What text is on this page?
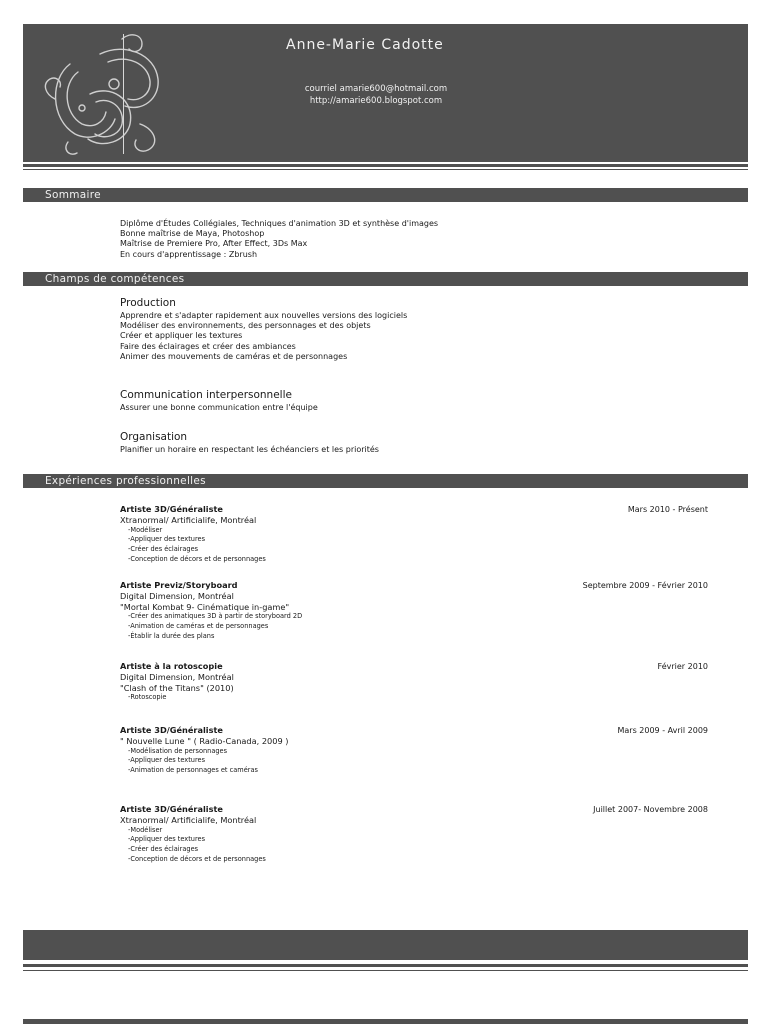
Anne-Marie Cadotte
courriel amarie600@hotmail.com
http://amarie600.blogspot.com
Sommaire
Diplôme d'Études Collégiales, Techniques d'animation 3D et synthèse d'images
Bonne maîtrise de Maya, Photoshop
Maîtrise de Premiere Pro, After Effect, 3Ds Max
En cours d'apprentissage : Zbrush
Champs de compétences
Production
Apprendre et s'adapter rapidement aux nouvelles versions des logiciels
Modéliser des environnements, des personnages et des objets
Créer et appliquer les textures
Faire des éclairages et créer des ambiances
Animer des mouvements de caméras et de personnages
Communication interpersonnelle
Assurer une bonne communication entre l'équipe
Organisation
Planifier un horaire en respectant les échéanciers et les priorités
Expériences professionnelles
Artiste 3D/Généraliste	Mars 2010 - Présent
Xtranormal/ Artificialife, Montréal
-Modéliser
-Appliquer des textures
-Créer des éclairages
-Conception de décors et de personnages
Artiste Previz/Storyboard	Septembre 2009 - Février 2010
Digital Dimension, Montréal
"Mortal Kombat 9- Cinématique in-game"
-Créer des animatiques 3D à partir de storyboard 2D
-Animation de caméras et de personnages
-Établir la durée des plans
Artiste à la rotoscopie	Février 2010
Digital Dimension, Montréal
"Clash of the Titans" (2010)
-Rotoscopie
Artiste 3D/Généraliste	Mars 2009 - Avril 2009
" Nouvelle Lune " ( Radio-Canada, 2009 )
-Modélisation de personnages
-Appliquer des textures
-Animation de personnages et caméras
Artiste 3D/Généraliste	Juillet 2007- Novembre 2008
Xtranormal/ Artificialife, Montréal
-Modéliser
-Appliquer des textures
-Créer des éclairages
-Conception de décors et de personnages
